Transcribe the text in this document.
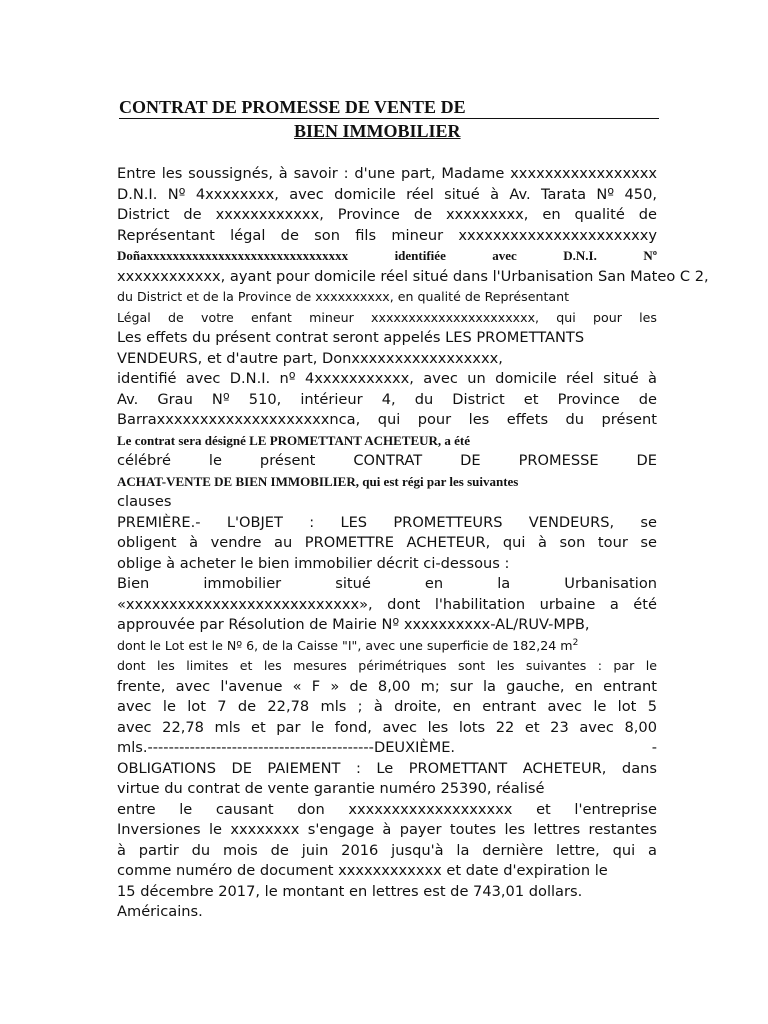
CONTRAT DE PROMESSE DE VENTE DE
BIEN IMMOBILIER
Entre les soussignés, à savoir : d'une part, Madame xxxxxxxxxxxxxxxxx
D.N.I. Nº 4xxxxxxxx, avec domicile réel situé à Av. Tarata Nº 450,
District de xxxxxxxxxxxx, Province de xxxxxxxxx, en qualité de
Représentant légal de son fils mineur xxxxxxxxxxxxxxxxxxxxxxy
Doñaxxxxxxxxxxxxxxxxxxxxxxxxxxxxxxx identifiée avec D.N.I. Nº
xxxxxxxxxxxx, ayant pour domicile réel situé dans l'Urbanisation San Mateo C 2,
du District et de la Province de xxxxxxxxxx, en qualité de Représentant
Légal de votre enfant mineur xxxxxxxxxxxxxxxxxxxxxx, qui pour les
Les effets du présent contrat seront appelés LES PROMETTANTS
VENDEURS, et d'autre part, Donxxxxxxxxxxxxxxxxx,
identifié avec D.N.I. nº 4xxxxxxxxxxx, avec un domicile réel situé à
Av. Grau Nº 510, intérieur 4, du District et Province de
Barraxxxxxxxxxxxxxxxxxxxxnca, qui pour les effets du présent
Le contrat sera désigné LE PROMETTANT ACHETEUR, a été
célébré le présent CONTRAT DE PROMESSE DE
ACHAT-VENTE DE BIEN IMMOBILIER, qui est régi par les suivantes
clauses
PREMIÈRE.- L'OBJET : LES PROMETTEURS VENDEURS, se
obligent à vendre au PROMETTRE ACHETEUR, qui à son tour se
oblige à acheter le bien immobilier décrit ci-dessous :
Bien immobilier situé en la Urbanisation
«xxxxxxxxxxxxxxxxxxxxxxxxxxx», dont l'habilitation urbaine a été
approuvée par Résolution de Mairie Nº xxxxxxxxxx-AL/RUV-MPB,
dont le Lot est le Nº 6, de la Caisse "I", avec une superficie de 182,24 $m^2$
dont les limites et les mesures périmétriques sont les suivantes : par le
frente, avec l'avenue « F » de 8,00 m; sur la gauche, en entrant
avec le lot 7 de 22,78 mls ; à droite, en entrant avec le lot 5
avec 22,78 mls et par le fond, avec les lots 22 et 23 avec 8,00
mls.-------------------------------------------DEUXIÈME. -
OBLIGATIONS DE PAIEMENT : Le PROMETTANT ACHETEUR, dans
virtue du contrat de vente garantie numéro 25390, réalisé
entre le causant don xxxxxxxxxxxxxxxxxxx et l'entreprise
Inversiones le xxxxxxxx s'engage à payer toutes les lettres restantes
à partir du mois de juin 2016 jusqu'à la dernière lettre, qui a
comme numéro de document xxxxxxxxxxxx et date d'expiration le
15 décembre 2017, le montant en lettres est de 743,01 dollars.
Américains.
